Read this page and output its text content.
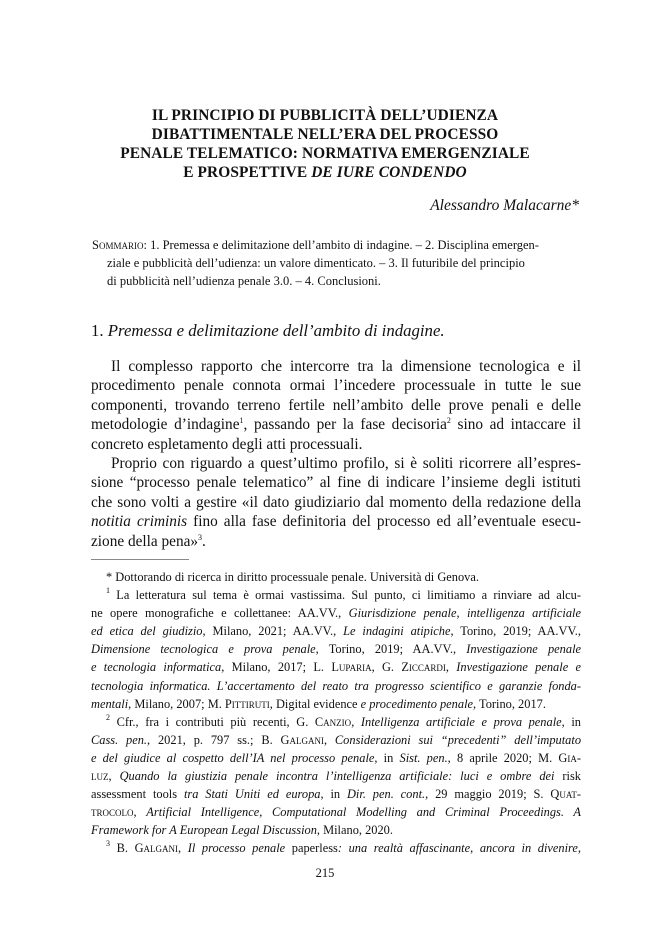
IL PRINCIPIO DI PUBBLICITÀ DELL’UDIENZA
DIBATTIMENTALE NELL’ERA DEL PROCESSO
PENALE TELEMATICO: NORMATIVA EMERGENZIALE
E PROSPETTIVE DE IURE CONDENDO
Alessandro Malacarne*
Sommario: 1. Premessa e delimitazione dell’ambito di indagine. – 2. Disciplina emergen-
ziale e pubblicità dell’udienza: un valore dimenticato. – 3. Il futuribile del principio
di pubblicità nell’udienza penale 3.0. – 4. Conclusioni.
1. Premessa e delimitazione dell’ambito di indagine.
Il complesso rapporto che intercorre tra la dimensione tecnologica e il
procedimento penale connota ormai l’incedere processuale in tutte le sue
componenti, trovando terreno fertile nell’ambito delle prove penali e delle
metodologie d’indagine$^1$, passando per la fase decisoria$^2$ sino ad intaccare il
concreto espletamento degli atti processuali.
Proprio con riguardo a quest’ultimo profilo, si è soliti ricorrere all’espres-
sione “processo penale telematico” al fine di indicare l’insieme degli istituti
che sono volti a gestire «il dato giudiziario dal momento della redazione della
notitia criminis fino alla fase definitoria del processo ed all’eventuale esecu-
zione della pena»$^3$.
* Dottorando di ricerca in diritto processuale penale. Università di Genova.
$^1$ La letteratura sul tema è ormai vastissima. Sul punto, ci limitiamo a rinviare ad alcu-
ne opere monografiche e collettanee: AA.VV., Giurisdizione penale, intelligenza artificiale
ed etica del giudizio, Milano, 2021; AA.VV., Le indagini atipiche, Torino, 2019; AA.VV.,
Dimensione tecnologica e prova penale, Torino, 2019; AA.VV., Investigazione penale
e tecnologia informatica, Milano, 2017; L. Luparia, G. Ziccardi, Investigazione penale e
tecnologia informatica. L’accertamento del reato tra progresso scientifico e garanzie fonda-
mentali, Milano, 2007; M. Pittiruti, Digital evidence e procedimento penale, Torino, 2017.
$^2$ Cfr., fra i contributi più recenti, G. Canzio, Intelligenza artificiale e prova penale, in
Cass. pen., 2021, p. 797 ss.; B. Galgani, Considerazioni sui “precedenti” dell’imputato
e del giudice al cospetto dell’IA nel processo penale, in Sist. pen., 8 aprile 2020; M. Gia-
luz, Quando la giustizia penale incontra l’intelligenza artificiale: luci e ombre dei risk
assessment tools tra Stati Uniti ed europa, in Dir. pen. cont., 29 maggio 2019; S. Quat-
trocolo, Artificial Intelligence, Computational Modelling and Criminal Proceedings. A
Framework for A European Legal Discussion, Milano, 2020.
$^3$ B. Galgani, Il processo penale paperless: una realtà affascinante, ancora in divenire,
215
